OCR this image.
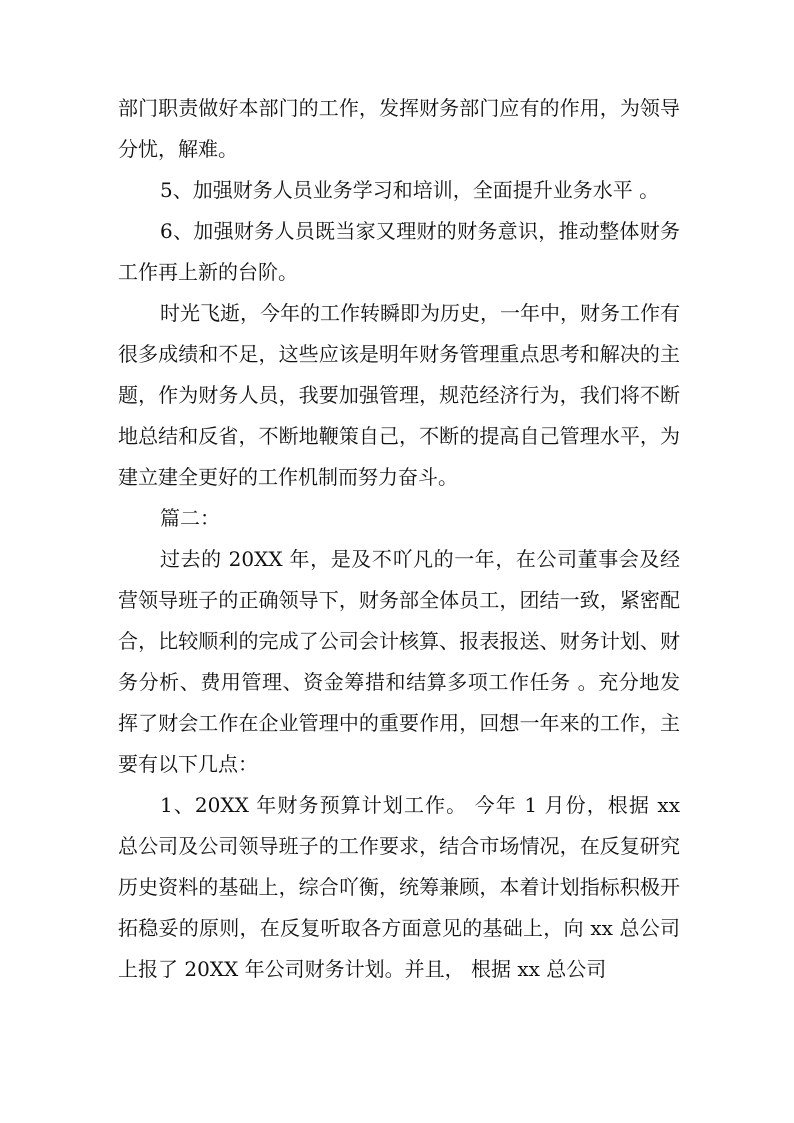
部门职责做好本部门的工作，发挥财务部门应有的作用，为领导分忧，解难。

5、加强财务人员业务学习和培训，全面提升业务水平 。

6、加强财务人员既当家又理财的财务意识，推动整体财务工作再上新的台阶。

时光飞逝，今年的工作转瞬即为历史，一年中，财务工作有很多成绩和不足，这些应该是明年财务管理重点思考和解决的主题，作为财务人员，我要加强管理，规范经济行为，我们将不断地总结和反省，不断地鞭策自己，不断的提高自己管理水平，为建立建全更好的工作机制而努力奋斗。

篇二：

过去的 20XX 年，是及不吖凡的一年，在公司董事会及经营领导班子的正确领导下，财务部全体员工，团结一致，紧密配合，比较顺利的完成了公司会计核算、报表报送、财务计划、财务分析、费用管理、资金筹措和结算多项工作任务 。充分地发挥了财会工作在企业管理中的重要作用，回想一年来的工作，主要有以下几点：

1、20XX 年财务预算计划工作。 今年 1 月份，根据 xx 总公司及公司领导班子的工作要求，结合市场情况，在反复研究历史资料的基础上，综合吖衡，统筹兼顾，本着计划指标积极开拓稳妥的原则，在反复听取各方面意见的基础上，向 xx 总公司上报了 20XX 年公司财务计划。并且， 根据 xx 总公司
